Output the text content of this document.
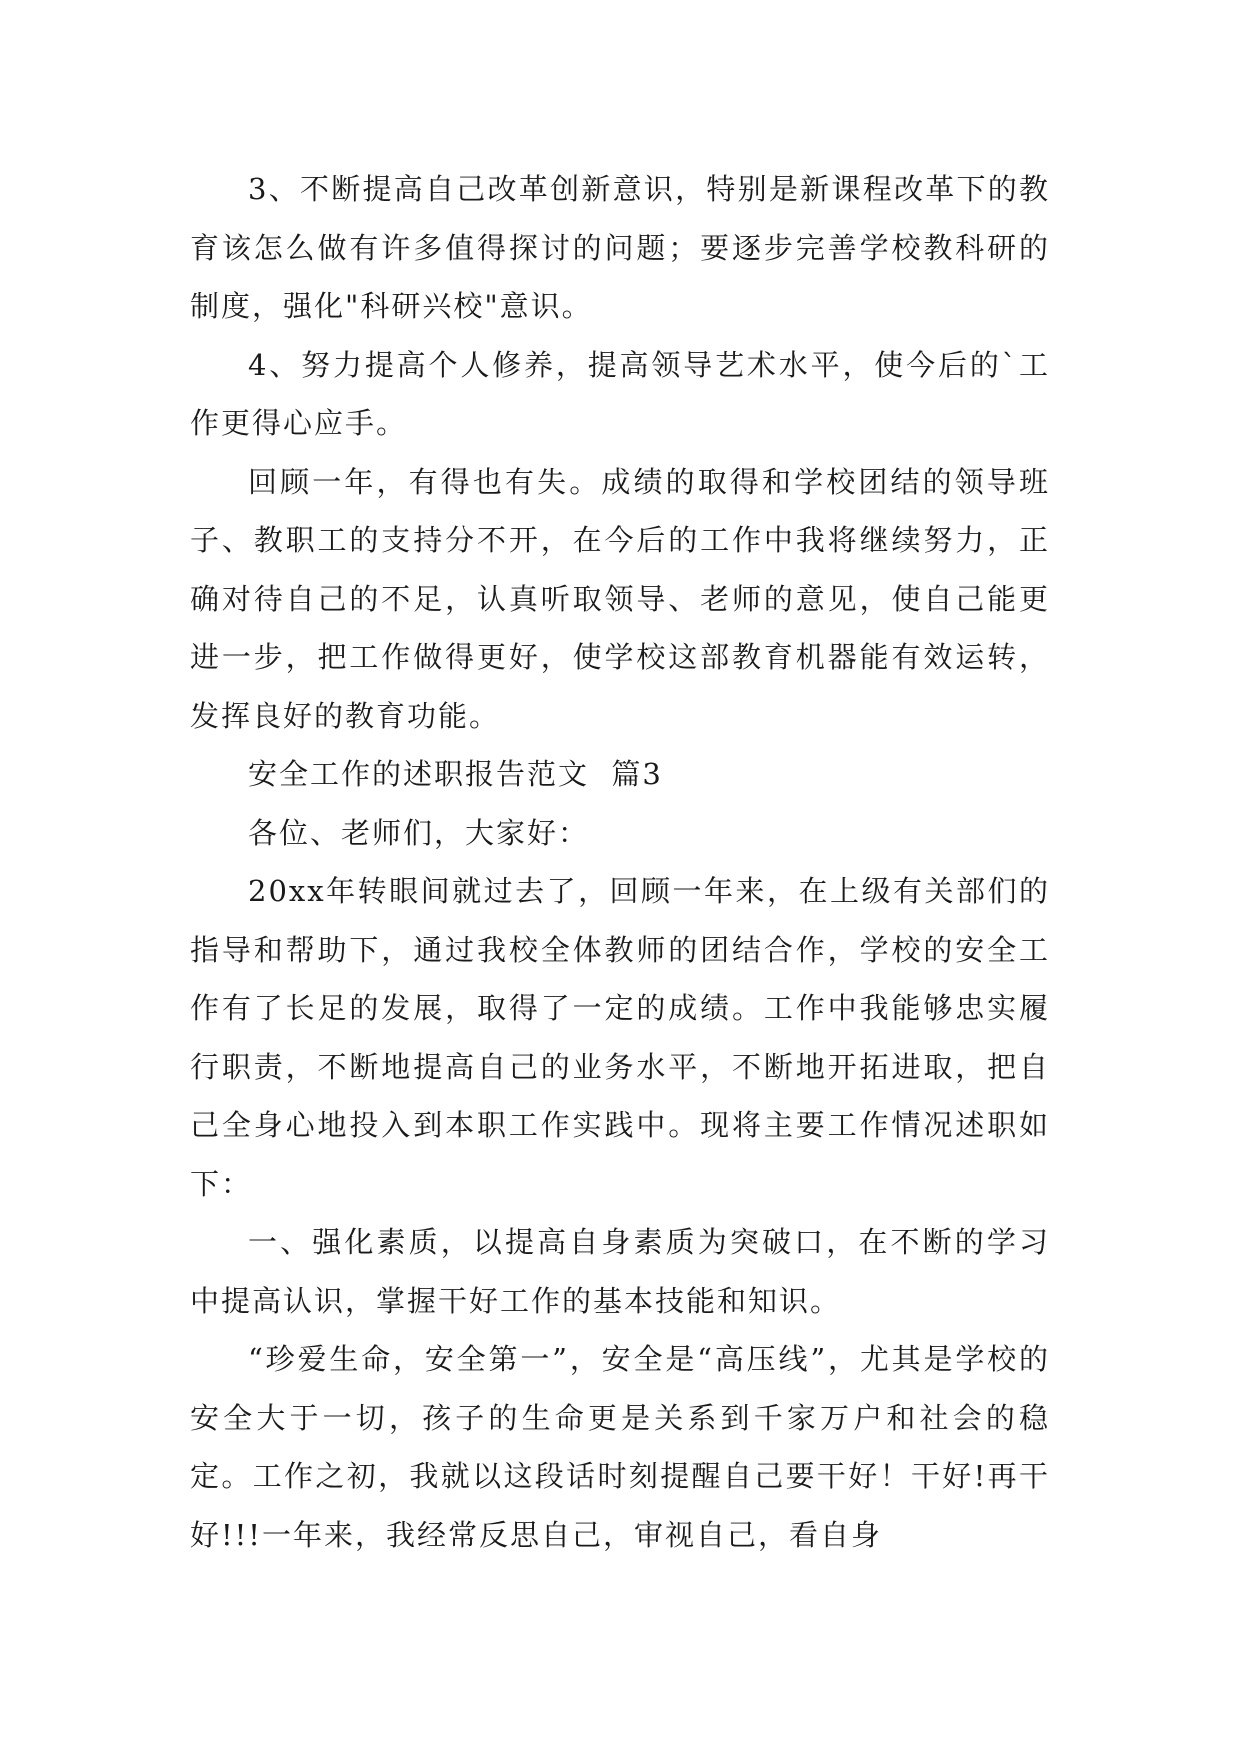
3、不断提高自己改革创新意识，特别是新课程改革下的教育该怎么做有许多值得探讨的问题；要逐步完善学校教科研的制度，强化"科研兴校"意识。

4、努力提高个人修养，提高领导艺术水平，使今后的`工作更得心应手。

回顾一年，有得也有失。成绩的取得和学校团结的领导班子、教职工的支持分不开，在今后的工作中我将继续努力，正确对待自己的不足，认真听取领导、老师的意见，使自己能更进一步，把工作做得更好，使学校这部教育机器能有效运转，发挥良好的教育功能。

安全工作的述职报告范文  篇3

各位、老师们，大家好：

20xx年转眼间就过去了，回顾一年来，在上级有关部们的指导和帮助下，通过我校全体教师的团结合作，学校的安全工作有了长足的发展，取得了一定的成绩。工作中我能够忠实履行职责，不断地提高自己的业务水平，不断地开拓进取，把自己全身心地投入到本职工作实践中。现将主要工作情况述职如下：

一、强化素质，以提高自身素质为突破口，在不断的学习中提高认识，掌握干好工作的基本技能和知识。

“珍爱生命，安全第一”，安全是“高压线”，尤其是学校的安全大于一切，孩子的生命更是关系到千家万户和社会的稳定。工作之初，我就以这段话时刻提醒自己要干好！干好!再干好!!!一年来，我经常反思自己，审视自己，看自身
